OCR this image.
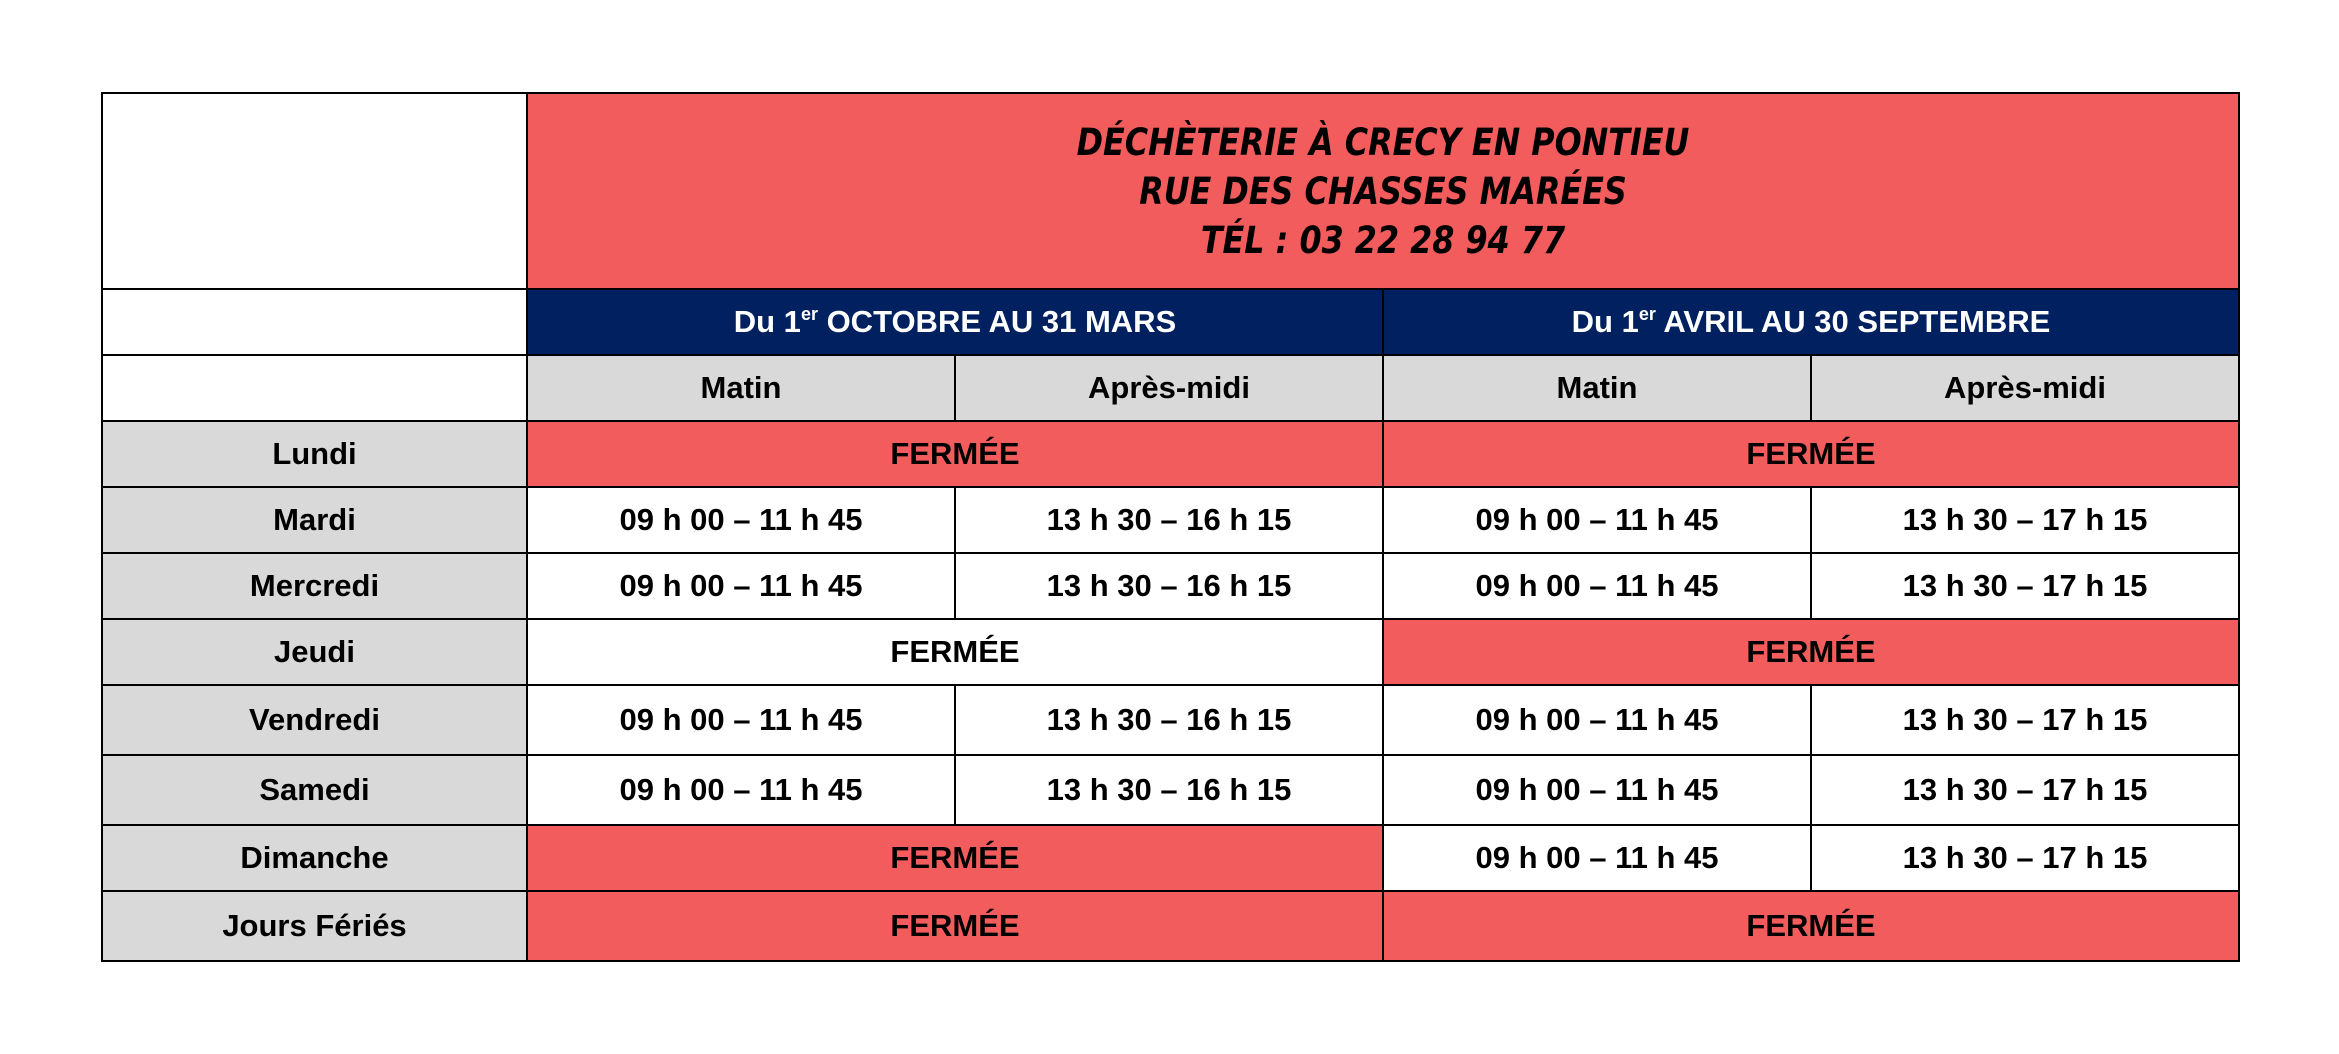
	DÉCHÈTERIE À CRECY EN PONTIEU
RUE DES CHASSES MARÉES
TÉL : 03 22 28 94 77			

	Du 1er OCTOBRE AU 31 MARS		Du 1er AVRIL AU 30 SEPTEMBRE	
	Matin	Après-midi	Matin	Après-midi
Lundi	FERMÉE		FERMÉE	
Mardi	09 h 00 – 11 h 45	13 h 30 – 16 h 15	09 h 00 – 11 h 45	13 h 30 – 17 h 15
Mercredi	09 h 00 – 11 h 45	13 h 30 – 16 h 15	09 h 00 – 11 h 45	13 h 30 – 17 h 15
Jeudi	FERMÉE		FERMÉE	
Vendredi	09 h 00 – 11 h 45	13 h 30 – 16 h 15	09 h 00 – 11 h 45	13 h 30 – 17 h 15
Samedi	09 h 00 – 11 h 45	13 h 30 – 16 h 15	09 h 00 – 11 h 45	13 h 30 – 17 h 15
Dimanche	FERMÉE		09 h 00 – 11 h 45	13 h 30 – 17 h 15
Jours Fériés	FERMÉE		FERMÉE	
